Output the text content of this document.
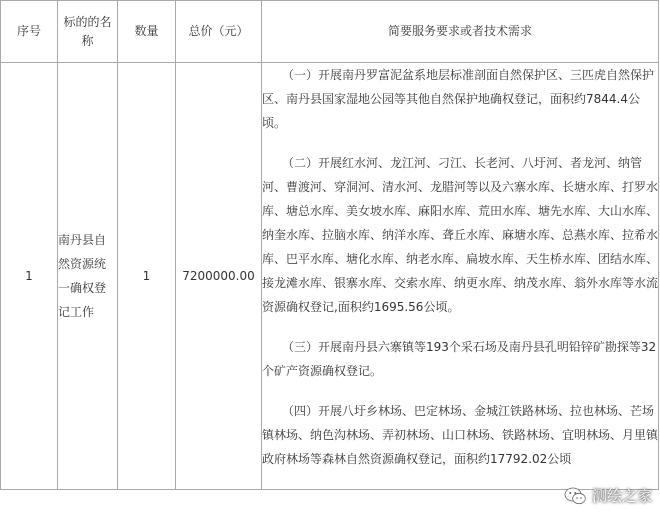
序号	标的的名称	数量	总价（元）	简要服务要求或者技术需求
1	南丹县自然资源统一确权登记工作	1	7200000.00	（一）开展南丹罗富泥盆系地层标准剖面自然保护区、三匹虎自然保护区、南丹县国家湿地公园等其他自然保护地确权登记，面积约7844.4公顷。

（二）开展红水河、龙江河、刁江、长老河、八圩河、者龙河、纳管河、曹渡河、穿洞河、清水河、龙腊河等以及六寨水库、长塘水库、打罗水库、塘总水库、美女坡水库、麻阳水库、荒田水库、塘先水库、大山水库、纳奎水库、拉脑水库、纳洋水库、聋丘水库、麻塘水库、总燕水库、拉希水库、巴平水库、塘化水库、纳老水库、扁坡水库、天生桥水库、团结水库、接龙滩水库、银寨水库、交索水库、纳更水库、纳茂水库、翁外水库等水流资源确权登记,面积约1695.56公顷。

（三）开展南丹县六寨镇等193个采石场及南丹县孔明铅锌矿勘探等32个矿产资源确权登记。

（四）开展八圩乡林场、巴定林场、金城江铁路林场、拉也林场、芒场镇林场、纳色沟林场、弄初林场、山口林场、铁路林场、宜明林场、月里镇政府林场等森林自然资源确权登记，面积约17792.02公顷

测绘之家
